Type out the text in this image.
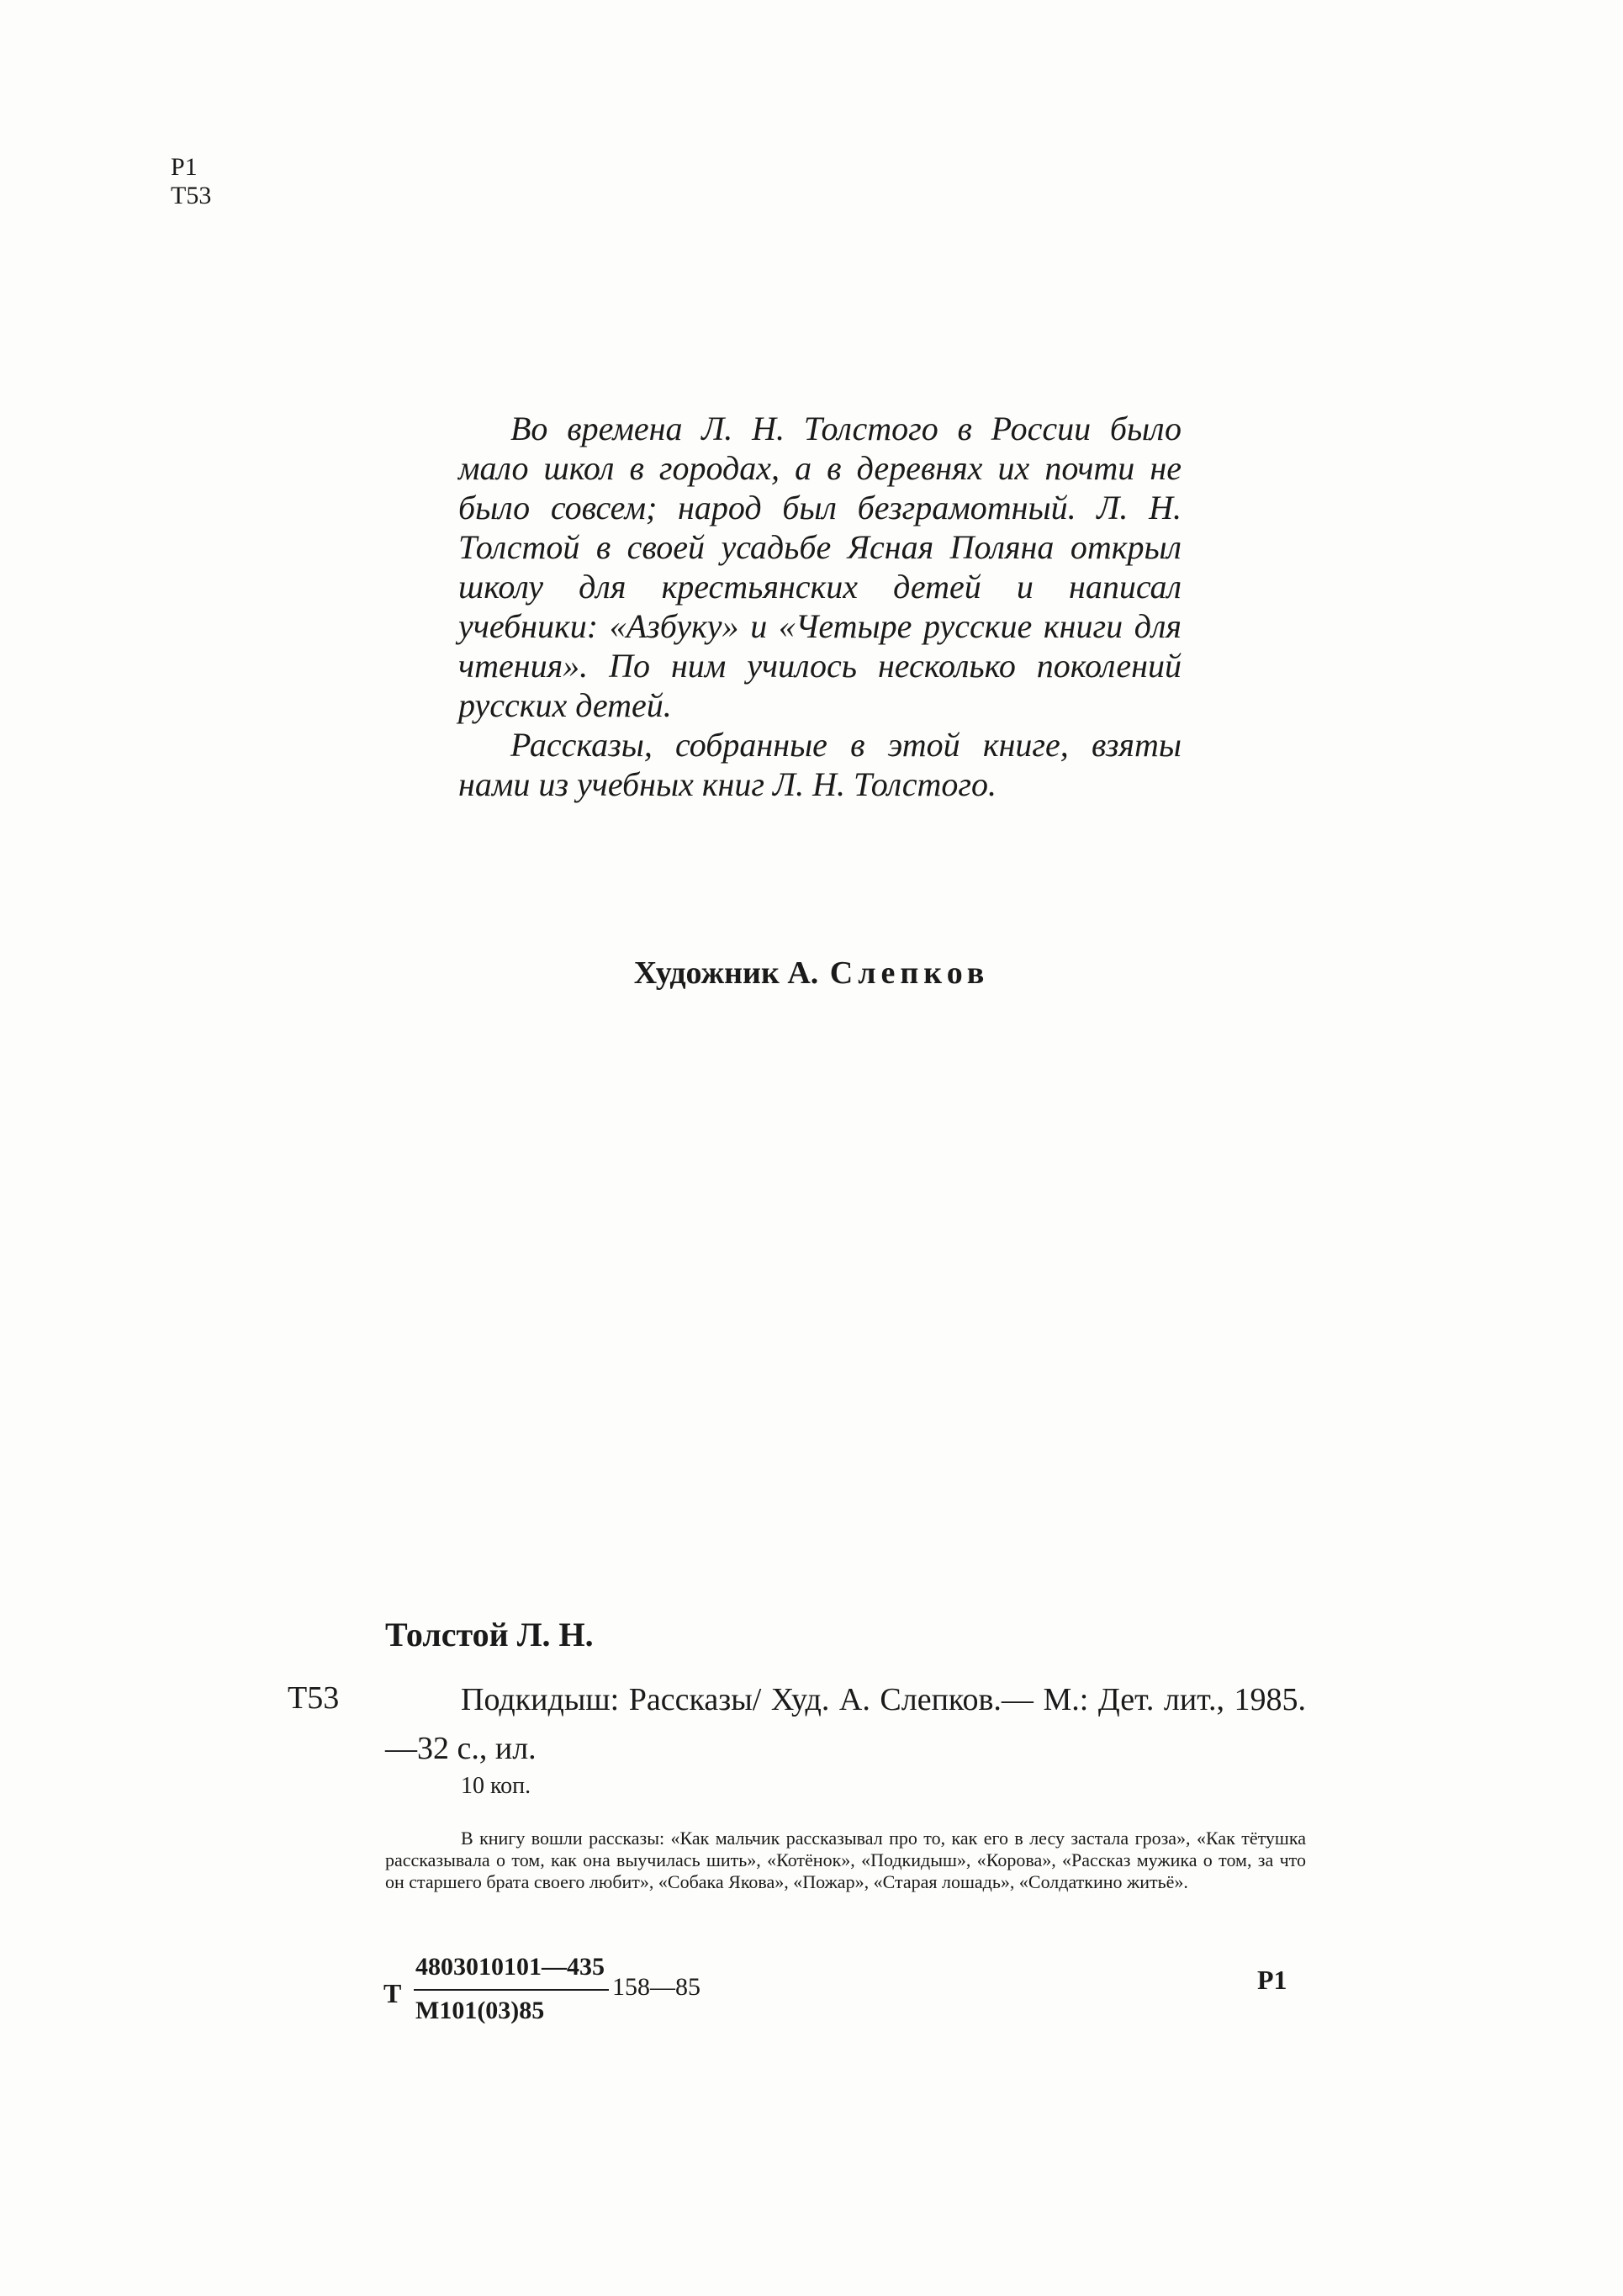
Р1
Т53

Во времена Л. Н. Толстого в России было мало школ в городах, а в деревнях их почти не было совсем; народ был безграмотный. Л. Н. Толстой в своей усадьбе Ясная Поляна открыл школу для крестьянских детей и написал учебники: «Азбуку» и «Четыре русские книги для чтения». По ним училось несколько поколений русских детей.

Рассказы, собранные в этой книге, взяты нами из учебных книг Л. Н. Толстого.

Художник А. Слепков
Толстой Л. Н.
Т53	Подкидыш: Рассказы/ Худ. А. Слепков.— М.: Дет. лит., 1985.—32 с., ил.

10 коп.

В книгу вошли рассказы: «Как мальчик рассказывал про то, как его в лесу застала гроза», «Как тётушка рассказывала о том, как она выучилась шить», «Котёнок», «Подкидыш», «Корова», «Рассказ мужика о том, за что он старшего брата своего любит», «Собака Якова», «Пожар», «Старая лошадь», «Солдаткино житьё».

Т
4803010101—435
М101(03)85
158—85	Р1
